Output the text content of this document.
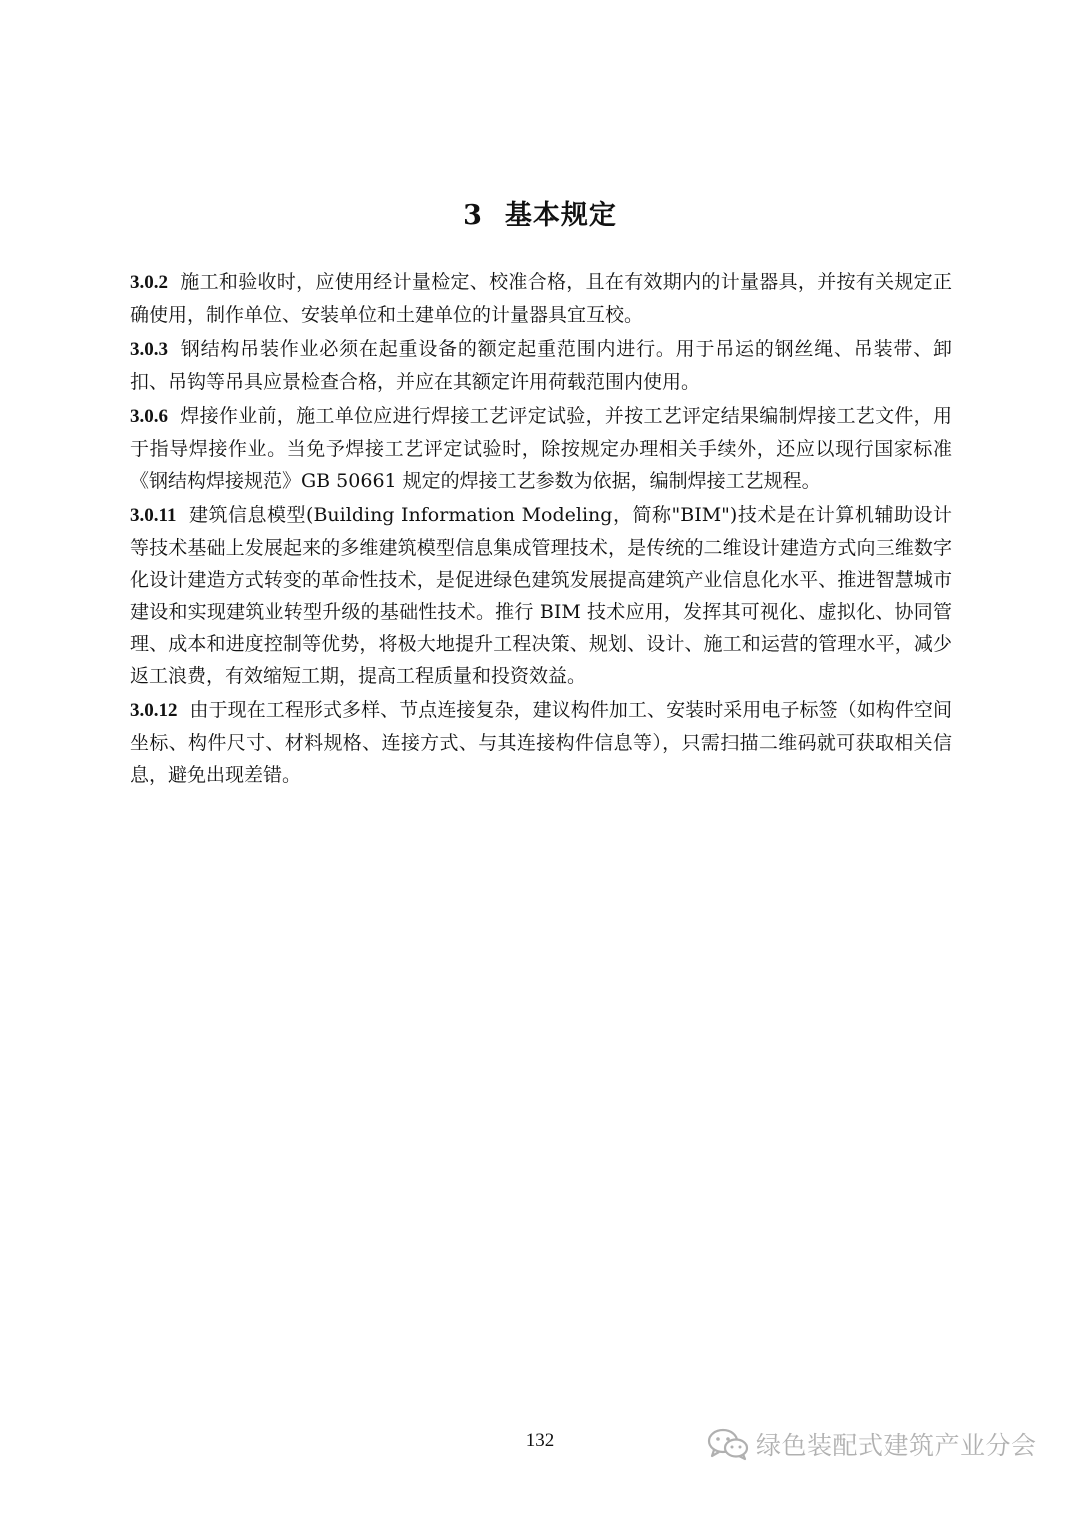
3 基本规定

3.0.2 施工和验收时，应使用经计量检定、校准合格，且在有效期内的计量器具，并按有关规定正确使用，制作单位、安装单位和土建单位的计量器具宜互校。

3.0.3 钢结构吊装作业必须在起重设备的额定起重范围内进行。用于吊运的钢丝绳、吊装带、卸扣、吊钩等吊具应景检查合格，并应在其额定许用荷载范围内使用。

3.0.6 焊接作业前，施工单位应进行焊接工艺评定试验，并按工艺评定结果编制焊接工艺文件，用于指导焊接作业。当免予焊接工艺评定试验时，除按规定办理相关手续外，还应以现行国家标准《钢结构焊接规范》GB 50661 规定的焊接工艺参数为依据，编制焊接工艺规程。

3.0.11 建筑信息模型(Building Information Modeling，简称"BIM")技术是在计算机辅助设计等技术基础上发展起来的多维建筑模型信息集成管理技术，是传统的二维设计建造方式向三维数字化设计建造方式转变的革命性技术，是促进绿色建筑发展提高建筑产业信息化水平、推进智慧城市建设和实现建筑业转型升级的基础性技术。推行 BIM 技术应用，发挥其可视化、虚拟化、协同管理、成本和进度控制等优势，将极大地提升工程决策、规划、设计、施工和运营的管理水平，减少返工浪费，有效缩短工期，提高工程质量和投资效益。

3.0.12 由于现在工程形式多样、节点连接复杂，建议构件加工、安装时采用电子标签（如构件空间坐标、构件尺寸、材料规格、连接方式、与其连接构件信息等），只需扫描二维码就可获取相关信息，避免出现差错。

132	绿色装配式建筑产业分会
